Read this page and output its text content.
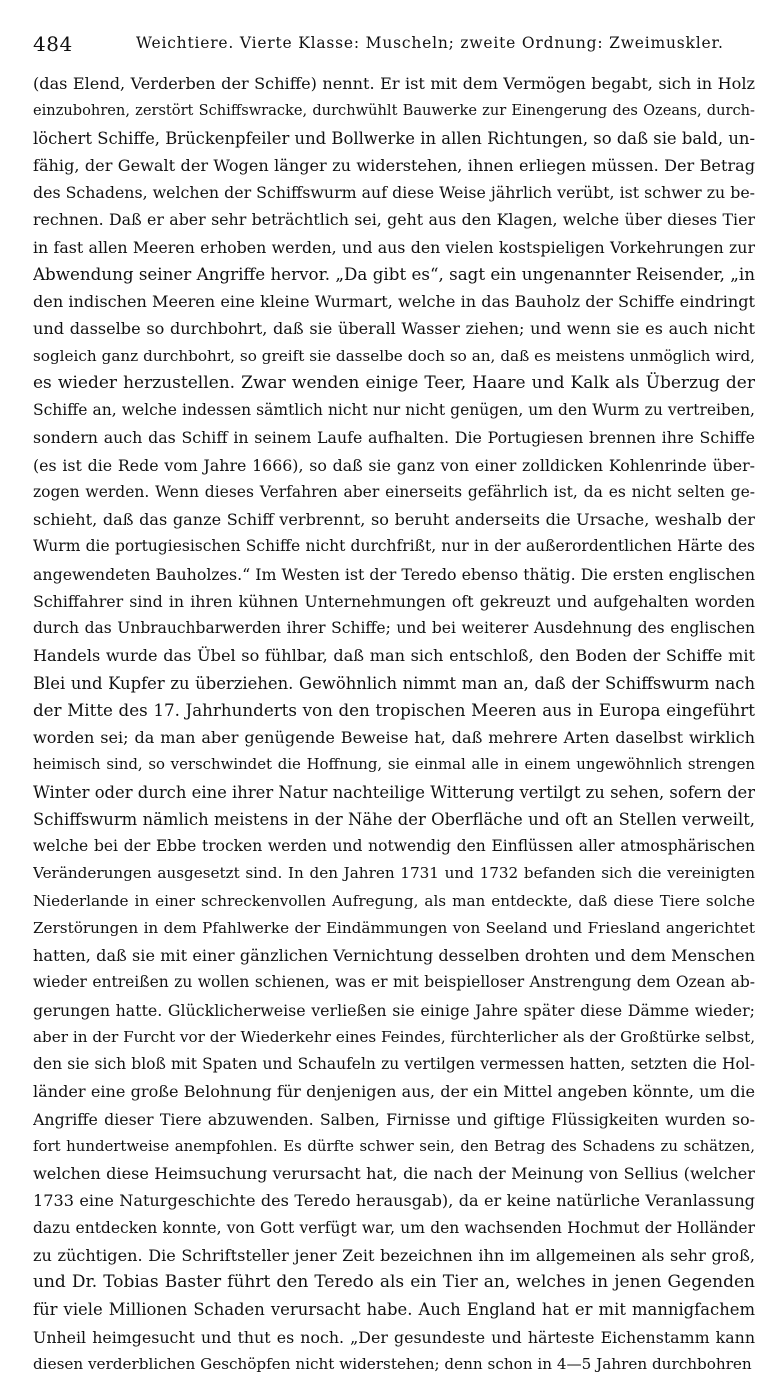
484	Weichtiere. Vierte Klasse: Muscheln; zweite Ordnung: Zweimuskler.
(das Elend, Verderben der Schiffe) nennt. Er ist mit dem Vermögen begabt, sich in Holz
einzubohren, zerstört Schiffswracke, durchwühlt Bauwerke zur Einengerung des Ozeans, durch-
löchert Schiffe, Brückenpfeiler und Bollwerke in allen Richtungen, so daß sie bald, un-
fähig, der Gewalt der Wogen länger zu widerstehen, ihnen erliegen müssen. Der Betrag
des Schadens, welchen der Schiffswurm auf diese Weise jährlich verübt, ist schwer zu be-
rechnen. Daß er aber sehr beträchtlich sei, geht aus den Klagen, welche über dieses Tier
in fast allen Meeren erhoben werden, und aus den vielen kostspieligen Vorkehrungen zur
Abwendung seiner Angriffe hervor. „Da gibt es“, sagt ein ungenannter Reisender, „in
den indischen Meeren eine kleine Wurmart, welche in das Bauholz der Schiffe eindringt
und dasselbe so durchbohrt, daß sie überall Wasser ziehen; und wenn sie es auch nicht
sogleich ganz durchbohrt, so greift sie dasselbe doch so an, daß es meistens unmöglich wird,
es wieder herzustellen. Zwar wenden einige Teer, Haare und Kalk als Überzug der
Schiffe an, welche indessen sämtlich nicht nur nicht genügen, um den Wurm zu vertreiben,
sondern auch das Schiff in seinem Laufe aufhalten. Die Portugiesen brennen ihre Schiffe
(es ist die Rede vom Jahre 1666), so daß sie ganz von einer zolldicken Kohlenrinde über-
zogen werden. Wenn dieses Verfahren aber einerseits gefährlich ist, da es nicht selten ge-
schieht, daß das ganze Schiff verbrennt, so beruht anderseits die Ursache, weshalb der
Wurm die portugiesischen Schiffe nicht durchfrißt, nur in der außerordentlichen Härte des
angewendeten Bauholzes.“ Im Westen ist der Teredo ebenso thätig. Die ersten englischen
Schiffahrer sind in ihren kühnen Unternehmungen oft gekreuzt und aufgehalten worden
durch das Unbrauchbarwerden ihrer Schiffe; und bei weiterer Ausdehnung des englischen
Handels wurde das Übel so fühlbar, daß man sich entschloß, den Boden der Schiffe mit
Blei und Kupfer zu überziehen. Gewöhnlich nimmt man an, daß der Schiffswurm nach
der Mitte des 17. Jahrhunderts von den tropischen Meeren aus in Europa eingeführt
worden sei; da man aber genügende Beweise hat, daß mehrere Arten daselbst wirklich
heimisch sind, so verschwindet die Hoffnung, sie einmal alle in einem ungewöhnlich strengen
Winter oder durch eine ihrer Natur nachteilige Witterung vertilgt zu sehen, sofern der
Schiffswurm nämlich meistens in der Nähe der Oberfläche und oft an Stellen verweilt,
welche bei der Ebbe trocken werden und notwendig den Einflüssen aller atmosphärischen
Veränderungen ausgesetzt sind. In den Jahren 1731 und 1732 befanden sich die vereinigten
Niederlande in einer schreckenvollen Aufregung, als man entdeckte, daß diese Tiere solche
Zerstörungen in dem Pfahlwerke der Eindämmungen von Seeland und Friesland angerichtet
hatten, daß sie mit einer gänzlichen Vernichtung desselben drohten und dem Menschen
wieder entreißen zu wollen schienen, was er mit beispielloser Anstrengung dem Ozean ab-
gerungen hatte. Glücklicherweise verließen sie einige Jahre später diese Dämme wieder;
aber in der Furcht vor der Wiederkehr eines Feindes, fürchterlicher als der Großtürke selbst,
den sie sich bloß mit Spaten und Schaufeln zu vertilgen vermessen hatten, setzten die Hol-
länder eine große Belohnung für denjenigen aus, der ein Mittel angeben könnte, um die
Angriffe dieser Tiere abzuwenden. Salben, Firnisse und giftige Flüssigkeiten wurden so-
fort hundertweise anempfohlen. Es dürfte schwer sein, den Betrag des Schadens zu schätzen,
welchen diese Heimsuchung verursacht hat, die nach der Meinung von Sellius (welcher
1733 eine Naturgeschichte des Teredo herausgab), da er keine natürliche Veranlassung
dazu entdecken konnte, von Gott verfügt war, um den wachsenden Hochmut der Holländer
zu züchtigen. Die Schriftsteller jener Zeit bezeichnen ihn im allgemeinen als sehr groß,
und Dr. Tobias Baster führt den Teredo als ein Tier an, welches in jenen Gegenden
für viele Millionen Schaden verursacht habe. Auch England hat er mit mannigfachem
Unheil heimgesucht und thut es noch. „Der gesundeste und härteste Eichenstamm kann
diesen verderblichen Geschöpfen nicht widerstehen; denn schon in 4—5 Jahren durchbohren
